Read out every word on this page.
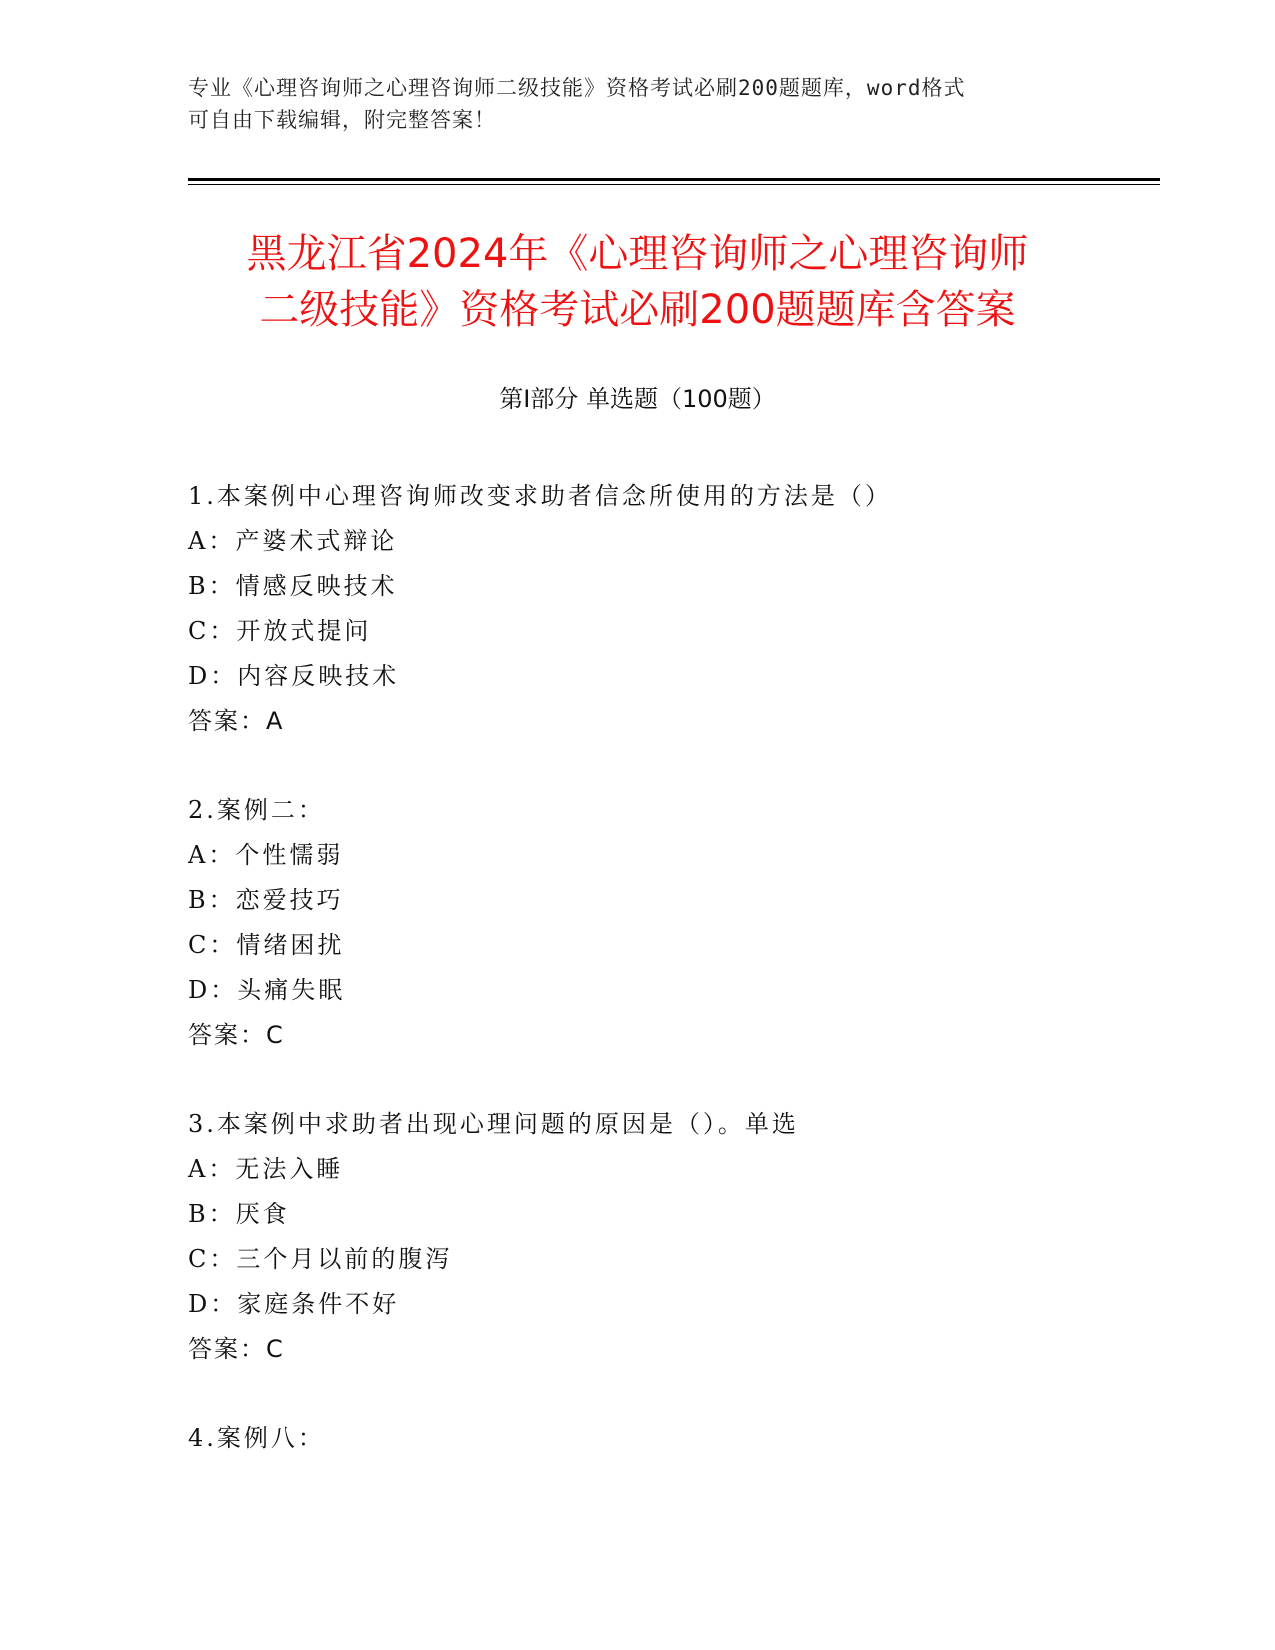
专业《心理咨询师之心理咨询师二级技能》资格考试必刷200题题库，word格式
可自由下载编辑，附完整答案！
黑龙江省2024年《心理咨询师之心理咨询师
二级技能》资格考试必刷200题题库含答案
第Ⅰ部分 单选题（100题）
1.本案例中心理咨询师改变求助者信念所使用的方法是（）
A：产婆术式辩论
B：情感反映技术
C：开放式提问
D：内容反映技术
答案：A
2.案例二：
A：个性懦弱
B：恋爱技巧
C：情绪困扰
D：头痛失眠
答案：C
3.本案例中求助者出现心理问题的原因是（）。单选
A：无法入睡
B：厌食
C：三个月以前的腹泻
D：家庭条件不好
答案：C
4.案例八：
